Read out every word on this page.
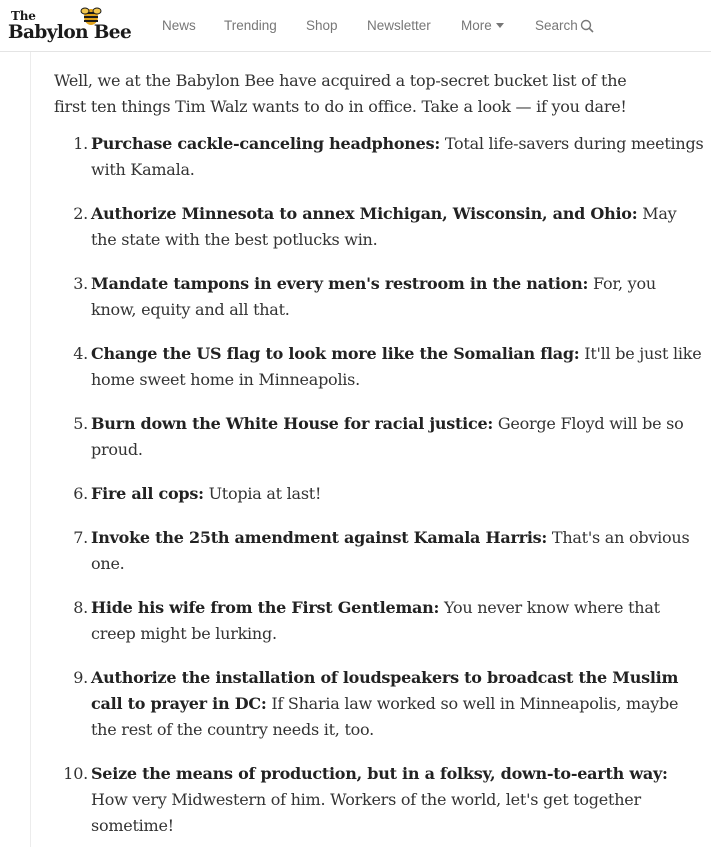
The
Babylon Bee News Trending Shop Newsletter More	Search

Well, we at the Babylon Bee have acquired a top-secret bucket list of the first ten things Tim Walz wants to do in office. Take a look — if you dare!

1. Purchase cackle-canceling headphones: Total life-savers during meetings with Kamala.
2. Authorize Minnesota to annex Michigan, Wisconsin, and Ohio: May the state with the best potlucks win.
3. Mandate tampons in every men's restroom in the nation: For, you know, equity and all that.
4. Change the US flag to look more like the Somalian flag: It'll be just like home sweet home in Minneapolis.
5. Burn down the White House for racial justice: George Floyd will be so proud.
6. Fire all cops: Utopia at last!
7. Invoke the 25th amendment against Kamala Harris: That's an obvious one.
8. Hide his wife from the First Gentleman: You never know where that creep might be lurking.
9. Authorize the installation of loudspeakers to broadcast the Muslim call to prayer in DC: If Sharia law worked so well in Minneapolis, maybe the rest of the country needs it, too.
10. Seize the means of production, but in a folksy, down-to-earth way: How very Midwestern of him. Workers of the world, let's get together sometime!
